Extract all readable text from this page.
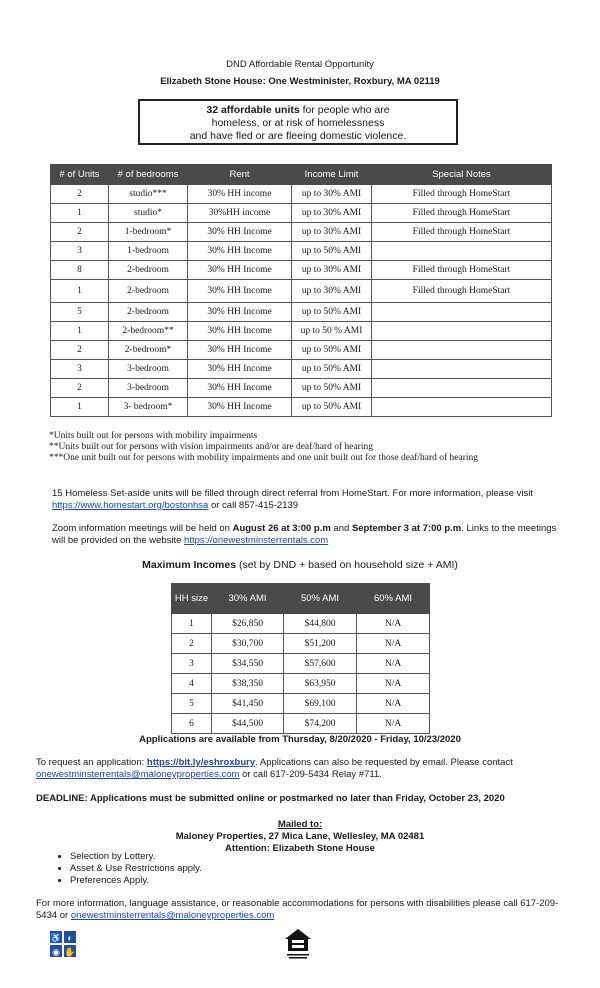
DND Affordable Rental Opportunity
Elizabeth Stone House: One Westminister, Roxbury, MA 02119
32 affordable units for people who are
homeless, or at risk of homelessness
and have fled or are fleeing domestic violence.
# of Units	# of bedrooms	Rent	Income Limit	Special Notes
2	studio***	30% HH income	up to 30% AMI	Filled through HomeStart
1	studio*	30%HH income	up to 30% AMI	Filled through HomeStart
2	1-bedroom*	30% HH Income	up to 30% AMI	Filled through HomeStart
3	1-bedroom	30% HH Income	up to 50% AMI	
8	2-bedroom	30% HH Income	up to 30% AMI	Filled through HomeStart
1	2-bedroom	30% HH Income	up to 30% AMI	Filled through HomeStart
5	2-bedroom	30% HH Income	up to 50% AMI	
1	2-bedroom**	30% HH Income	up to 50 % AMI	
2	2-bedroom*	30% HH Income	up to 50% AMI	
3	3-bedroom	30% HH Income	up to 50% AMI	
2	3-bedroom	30% HH Income	up to 50% AMI	
1	3- bedroom*	30% HH Income	up to 50% AMI	
*Units built out for persons with mobility impairments
**Units built out for persons with vision impairments and/or are deaf/hard of hearing
***One unit built out for persons with mobility impairments and one unit built out for those deaf/hard of hearing
15 Homeless Set-aside units will be filled through direct referral from HomeStart. For more information, please visit https://www.homestart.org/bostonhsa or call 857-415-2139
Zoom information meetings will be held on August 26 at 3:00 p.m and September 3 at 7:00 p.m. Links to the meetings will be provided on the website https://onewestminsterrentals.com
Maximum Incomes (set by DND + based on household size + AMI)
HH size	30% AMI	50% AMI	60% AMI
1	$26,850	$44,800	N/A
2	$30,700	$51,200	N/A
3	$34,550	$57,600	N/A
4	$38,350	$63,950	N/A
5	$41,450	$69,100	N/A
6	$44,500	$74,200	N/A
Applications are available from Thursday, 8/20/2020 - Friday, 10/23/2020
To request an application: https://bit.ly/eshroxbury. Applications can also be requested by email. Please contact onewestminsterrentals@maloneyproperties.com or call 617-209-5434 Relay #711.
DEADLINE: Applications must be submitted online or postmarked no later than Friday, October 23, 2020
Mailed to:
Maloney Properties, 27 Mica Lane, Wellesley, MA 02481
Attention: Elizabeth Stone House
• Selection by Lottery.
• Asset & Use Restrictions apply.
• Preferences Apply.
For more information, language assistance, or reasonable accommodations for persons with disabilities please call 617-209-5434 or onewestminsterrentals@maloneyproperties.com
♿ ◐
◉ ✋
